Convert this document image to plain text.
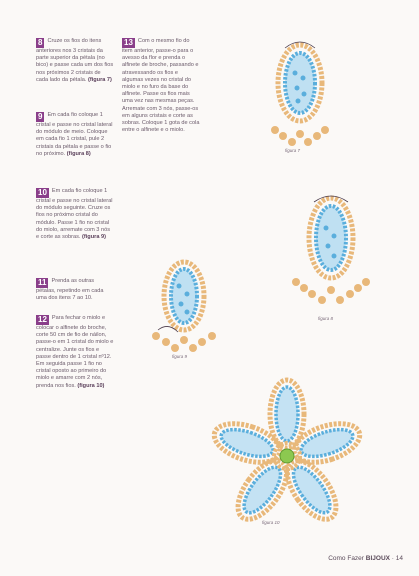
8 Cruze os fios do itens anteriores nos 3 cristais da parte superior da pétala (no bico) e passe cada um dos fios nos próximos 2 cristais de cada lado da pétala. (figura 7)
9 Em cada fio coloque 1 cristal e passe no cristal lateral do módulo de meio. Coloque em cada fio 1 cristal, pule 2 cristais da pétala e passe o fio no próximo. (figura 8)
10 Em cada fio coloque 1 cristal e passe no cristal lateral do módulo seguinte. Cruze os fios no próximo cristal do módulo. Passe 1 fio no cristal do miolo, arremate com 3 nós e corte as sobras. (figura 9)
11 Prenda as outras pétalas, repetindo em cada uma dos itens 7 ao 10.
12 Para fechar o miolo e colocar o alfinete do broche, corte 50 cm de fio de náilon, passe-o em 1 cristal do miolo e centralize. Junte os fios e passe dentro de 1 cristal nº12. Em seguida passe 1 fio no cristal oposto ao primeiro do miolo e amarre com 2 nós, prenda nos fios. (figura 10)
13 Com o mesmo fio do item anterior, passe-o para o avesso da flor e prenda o alfinete de broche, passando e atravessando os fios e algumas vezes no cristal do miolo e no furo da base do alfinete. Passe os fios mais uma vez nas mesmas peças. Arremate com 3 nós, passe-os em alguns cristais e corte as sobras. Coloque 1 gota de cola entre o alfinete e o miolo.
figura 7
figura 8
figura 9
figura 10
Como Fazer BIJOUX · 14
